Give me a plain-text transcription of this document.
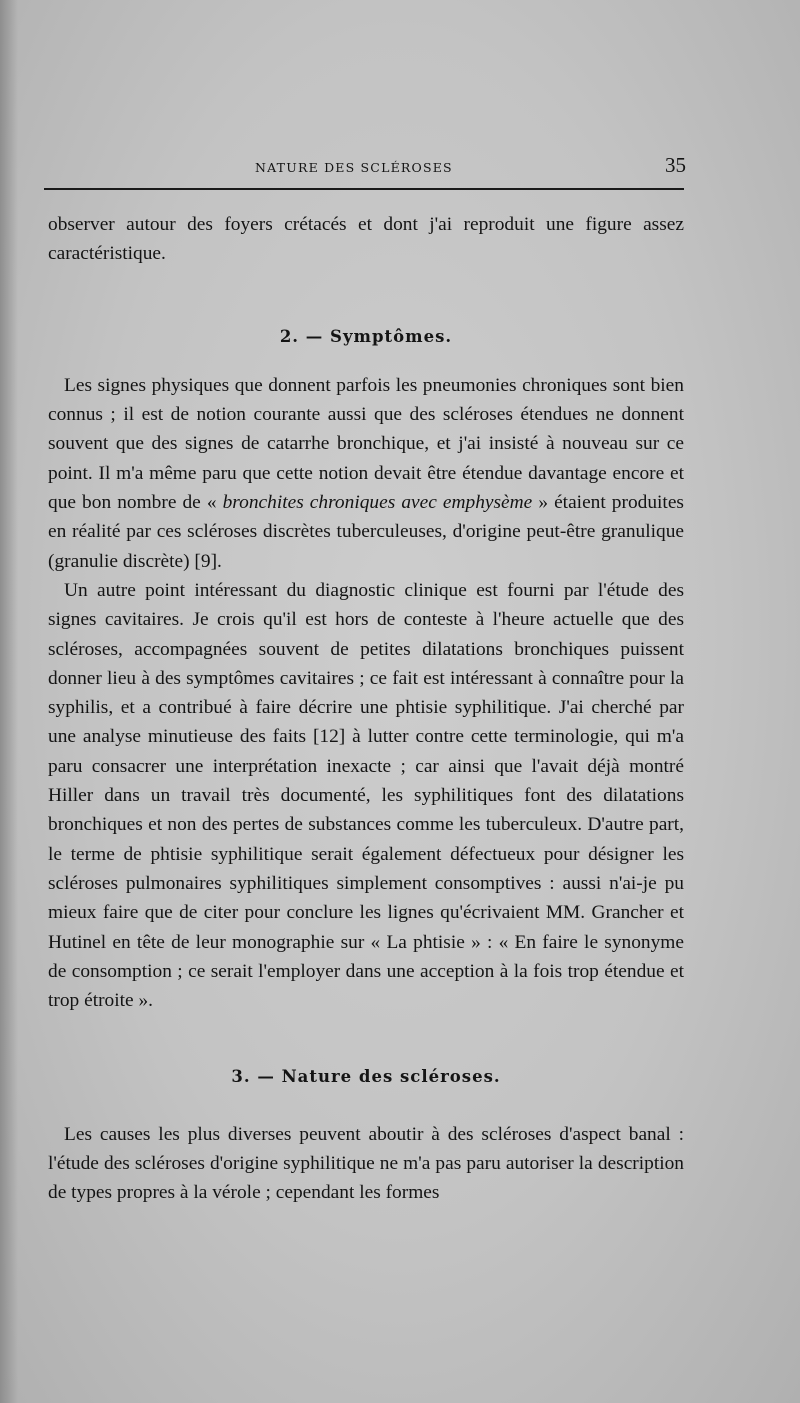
NATURE DES SCLÉROSES	35

observer autour des foyers crétacés et dont j'ai reproduit une figure assez caractéristique.

2. — Symptômes.

Les signes physiques que donnent parfois les pneumonies chroniques sont bien connus ; il est de notion courante aussi que des scléroses étendues ne donnent souvent que des signes de catarrhe bronchique, et j'ai insisté à nouveau sur ce point. Il m'a même paru que cette notion devait être étendue davantage encore et que bon nombre de « bronchites chroniques avec emphysème » étaient produites en réalité par ces scléroses discrètes tuberculeuses, d'origine peut-être granulique (granulie discrète) [9].

Un autre point intéressant du diagnostic clinique est fourni par l'étude des signes cavitaires. Je crois qu'il est hors de conteste à l'heure actuelle que des scléroses, accompagnées souvent de petites dilatations bronchiques puissent donner lieu à des symptômes cavitaires ; ce fait est intéressant à connaître pour la syphilis, et a contribué à faire décrire une phtisie syphilitique. J'ai cherché par une analyse minutieuse des faits [12] à lutter contre cette terminologie, qui m'a paru consacrer une interprétation inexacte ; car ainsi que l'avait déjà montré Hiller dans un travail très documenté, les syphilitiques font des dilatations bronchiques et non des pertes de substances comme les tuberculeux. D'autre part, le terme de phtisie syphilitique serait également défectueux pour désigner les scléroses pulmonaires syphilitiques simplement consomptives : aussi n'ai-je pu mieux faire que de citer pour conclure les lignes qu'écrivaient MM. Grancher et Hutinel en tête de leur monographie sur « La phtisie » : « En faire le synonyme de consomption ; ce serait l'employer dans une acception à la fois trop étendue et trop étroite ».

3. — Nature des scléroses.

Les causes les plus diverses peuvent aboutir à des scléroses d'aspect banal : l'étude des scléroses d'origine syphilitique ne m'a pas paru autoriser la description de types propres à la vérole ; cependant les formes
